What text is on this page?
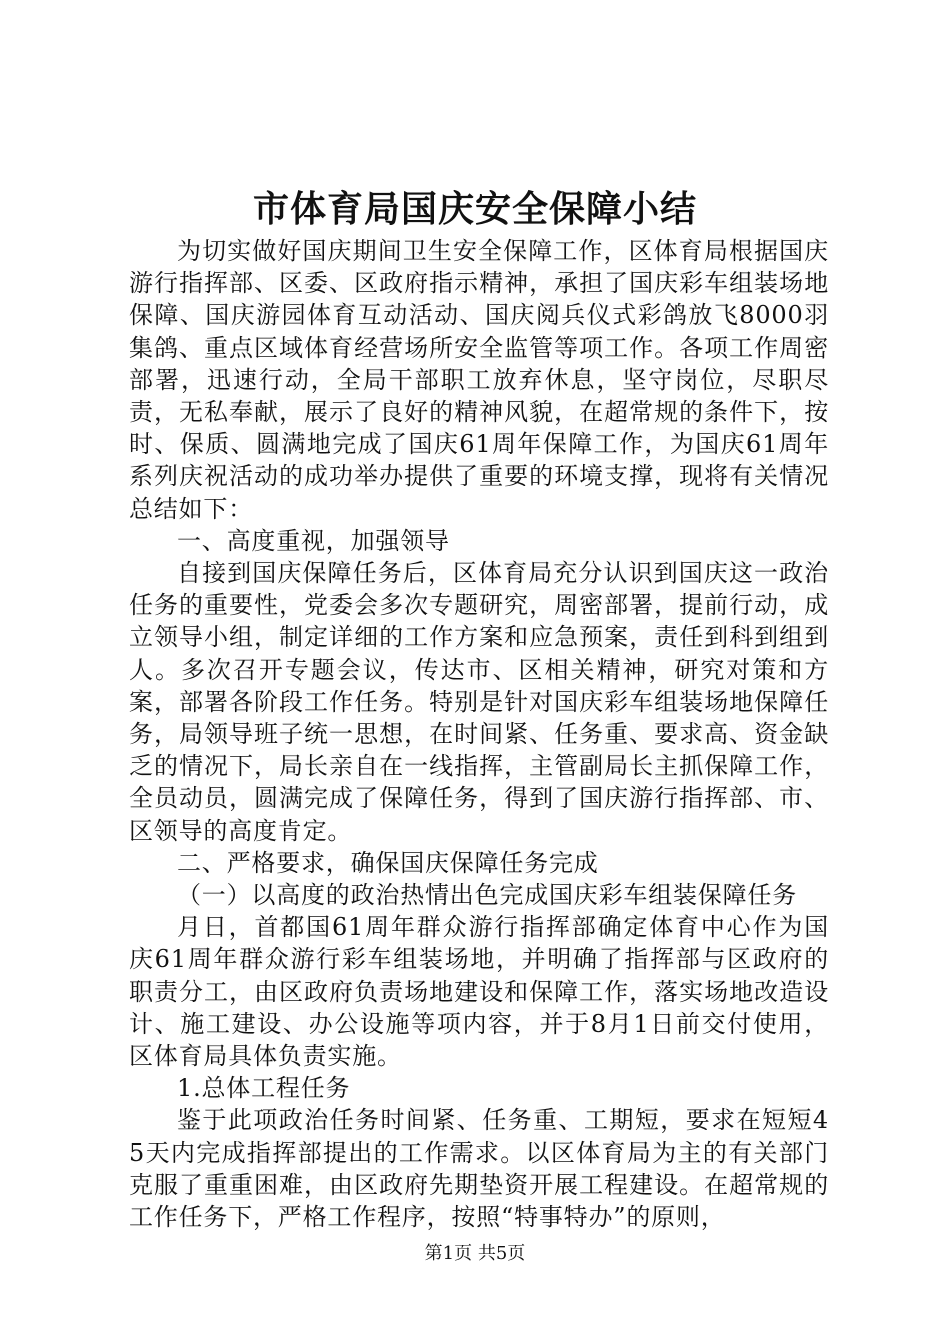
市体育局国庆安全保障小结

为切实做好国庆期间卫生安全保障工作，区体育局根据国庆游行指挥部、区委、区政府指示精神，承担了国庆彩车组装场地保障、国庆游园体育互动活动、国庆阅兵仪式彩鸽放飞8000羽集鸽、重点区域体育经营场所安全监管等项工作。各项工作周密部署，迅速行动，全局干部职工放弃休息，坚守岗位，尽职尽责，无私奉献，展示了良好的精神风貌，在超常规的条件下，按时、保质、圆满地完成了国庆61周年保障工作，为国庆61周年系列庆祝活动的成功举办提供了重要的环境支撑，现将有关情况总结如下：

一、高度重视，加强领导

自接到国庆保障任务后，区体育局充分认识到国庆这一政治任务的重要性，党委会多次专题研究，周密部署，提前行动，成立领导小组，制定详细的工作方案和应急预案，责任到科到组到人。多次召开专题会议，传达市、区相关精神，研究对策和方案，部署各阶段工作任务。特别是针对国庆彩车组装场地保障任务，局领导班子统一思想，在时间紧、任务重、要求高、资金缺乏的情况下，局长亲自在一线指挥，主管副局长主抓保障工作，全员动员，圆满完成了保障任务，得到了国庆游行指挥部、市、区领导的高度肯定。

二、严格要求，确保国庆保障任务完成

（一）以高度的政治热情出色完成国庆彩车组装保障任务

月日，首都国61周年群众游行指挥部确定体育中心作为国庆61周年群众游行彩车组装场地，并明确了指挥部与区政府的职责分工，由区政府负责场地建设和保障工作，落实场地改造设计、施工建设、办公设施等项内容，并于8月1日前交付使用，区体育局具体负责实施。

1.总体工程任务

鉴于此项政治任务时间紧、任务重、工期短，要求在短短45天内完成指挥部提出的工作需求。以区体育局为主的有关部门克服了重重困难，由区政府先期垫资开展工程建设。在超常规的工作任务下，严格工作程序，按照“特事特办”的原则，

第1页 共5页
